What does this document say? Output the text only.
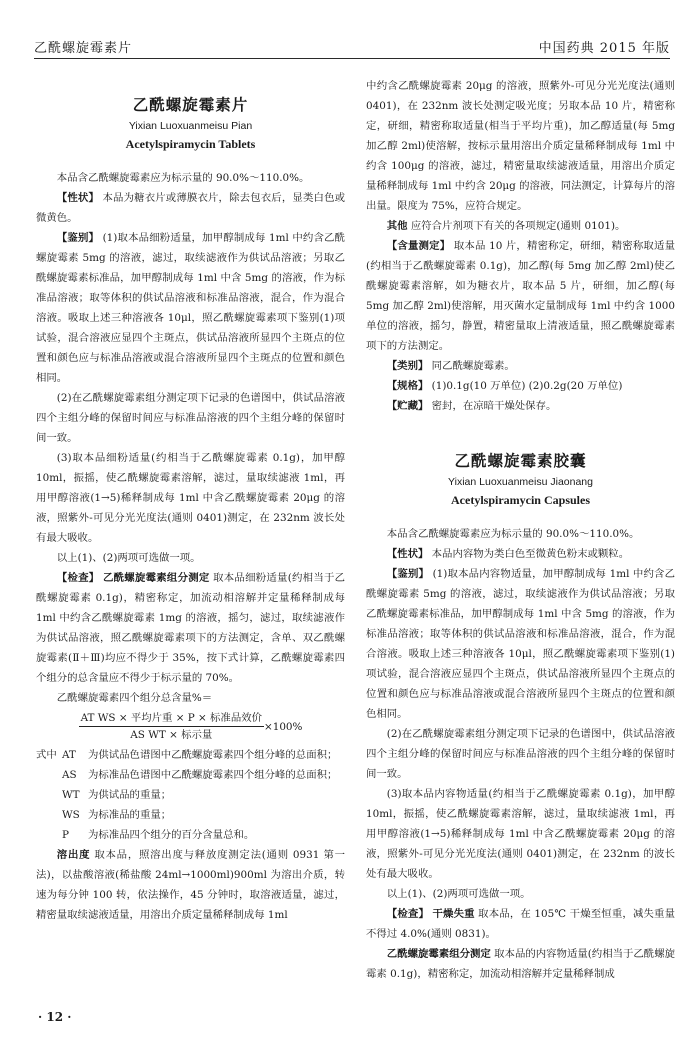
乙酰螺旋霉素片	中国药典 2015 年版
乙酰螺旋霉素片
Yixian Luoxuanmeisu Pian
Acetylspiramycin Tablets

本品含乙酰螺旋霉素应为标示量的 90.0%～110.0%。

【性状】 本品为糖衣片或薄膜衣片，除去包衣后，显类白色或微黄色。

【鉴别】 (1)取本品细粉适量，加甲醇制成每 1ml 中约含乙酰螺旋霉素 5mg 的溶液，滤过，取续滤液作为供试品溶液；另取乙酰螺旋霉素标准品，加甲醇制成每 1ml 中含 5mg 的溶液，作为标准品溶液；取等体积的供试品溶液和标准品溶液，混合，作为混合溶液。吸取上述三种溶液各 10μl，照乙酰螺旋霉素项下鉴别(1)项试验，混合溶液应显四个主斑点，供试品溶液所显四个主斑点的位置和颜色应与标准品溶液或混合溶液所显四个主斑点的位置和颜色相同。

(2)在乙酰螺旋霉素组分测定项下记录的色谱图中，供试品溶液四个主组分峰的保留时间应与标准品溶液的四个主组分峰的保留时间一致。

(3)取本品细粉适量(约相当于乙酰螺旋霉素 0.1g)，加甲醇 10ml，振摇，使乙酰螺旋霉素溶解，滤过，量取续滤液 1ml，再用甲醇溶液(1→5)稀释制成每 1ml 中含乙酰螺旋霉素 20μg 的溶液，照紫外-可见分光光度法(通则 0401)测定，在 232nm 波长处有最大吸收。

以上(1)、(2)两项可选做一项。

【检查】 乙酰螺旋霉素组分测定 取本品细粉适量(约相当于乙酰螺旋霉素 0.1g)，精密称定，加流动相溶解并定量稀释制成每 1ml 中约含乙酰螺旋霉素 1mg 的溶液，摇匀，滤过，取续滤液作为供试品溶液，照乙酰螺旋霉素项下的方法测定，含单、双乙酰螺旋霉素(Ⅱ＋Ⅲ)均应不得少于 35%，按下式计算，乙酰螺旋霉素四个组分的总含量应不得少于标示量的 70%。

乙酰螺旋霉素四个组分总含量%＝

$\frac{\text{AT WS × 平均片重 × P × 标准品效价}}{\text{AS WT × 标示量}} \times 100\%$
式中 AT	为供试品色谱图中乙酰螺旋霉素四个组分峰的总面积；
AS	为标准品色谱图中乙酰螺旋霉素四个组分峰的总面积；
WT 为供试品的重量；
WS 为标准品的重量；
P	为标准品四个组分的百分含量总和。

溶出度 取本品，照溶出度与释放度测定法(通则 0931 第一法)，以盐酸溶液(稀盐酸 24ml→1000ml)900ml 为溶出介质，转速为每分钟 100 转，依法操作，45 分钟时，取溶液适量，滤过，精密量取续滤液适量，用溶出介质定量稀释制成每 1ml

中约含乙酰螺旋霉素 20μg 的溶液，照紫外-可见分光光度法(通则 0401)，在 232nm 波长处测定吸光度；另取本品 10 片，精密称定，研细，精密称取适量(相当于平均片重)，加乙醇适量(每 5mg 加乙醇 2ml)使溶解，按标示量用溶出介质定量稀释制成每 1ml 中约含 100μg 的溶液，滤过，精密量取续滤液适量，用溶出介质定量稀释制成每 1ml 中约含 20μg 的溶液，同法测定，计算每片的溶出量。限度为 75%，应符合规定。

其他 应符合片剂项下有关的各项规定(通则 0101)。

【含量测定】 取本品 10 片，精密称定，研细，精密称取适量(约相当于乙酰螺旋霉素 0.1g)，加乙醇(每 5mg 加乙醇 2ml)使乙酰螺旋霉素溶解，如为糖衣片，取本品 5 片，研细，加乙醇(每 5mg 加乙醇 2ml)使溶解，用灭菌水定量制成每 1ml 中约含 1000 单位的溶液，摇匀，静置，精密量取上清液适量，照乙酰螺旋霉素项下的方法测定。

【类别】 同乙酰螺旋霉素。

【规格】 (1)0.1g(10 万单位) (2)0.2g(20 万单位)

【贮藏】 密封，在凉暗干燥处保存。

乙酰螺旋霉素胶囊
Yixian Luoxuanmeisu Jiaonang
Acetylspiramycin Capsules

本品含乙酰螺旋霉素应为标示量的 90.0%～110.0%。

【性状】 本品内容物为类白色至微黄色粉末或颗粒。

【鉴别】 (1)取本品内容物适量，加甲醇制成每 1ml 中约含乙酰螺旋霉素 5mg 的溶液，滤过，取续滤液作为供试品溶液；另取乙酰螺旋霉素标准品，加甲醇制成每 1ml 中含 5mg 的溶液，作为标准品溶液；取等体积的供试品溶液和标准品溶液，混合，作为混合溶液。吸取上述三种溶液各 10μl，照乙酰螺旋霉素项下鉴别(1)项试验，混合溶液应显四个主斑点，供试品溶液所显四个主斑点的位置和颜色应与标准品溶液或混合溶液所显四个主斑点的位置和颜色相同。

(2)在乙酰螺旋霉素组分测定项下记录的色谱图中，供试品溶液四个主组分峰的保留时间应与标准品溶液的四个主组分峰的保留时间一致。

(3)取本品内容物适量(约相当于乙酰螺旋霉素 0.1g)，加甲醇 10ml，振摇，使乙酰螺旋霉素溶解，滤过，量取续滤液 1ml，再用甲醇溶液(1→5)稀释制成每 1ml 中含乙酰螺旋霉素 20μg 的溶液，照紫外-可见分光光度法(通则 0401)测定，在 232nm 的波长处有最大吸收。

以上(1)、(2)两项可选做一项。

【检查】 干燥失重 取本品，在 105℃ 干燥至恒重，减失重量不得过 4.0%(通则 0831)。

乙酰螺旋霉素组分测定 取本品的内容物适量(约相当于乙酰螺旋霉素 0.1g)，精密称定，加流动相溶解并定量稀释制成

· 12 ·
